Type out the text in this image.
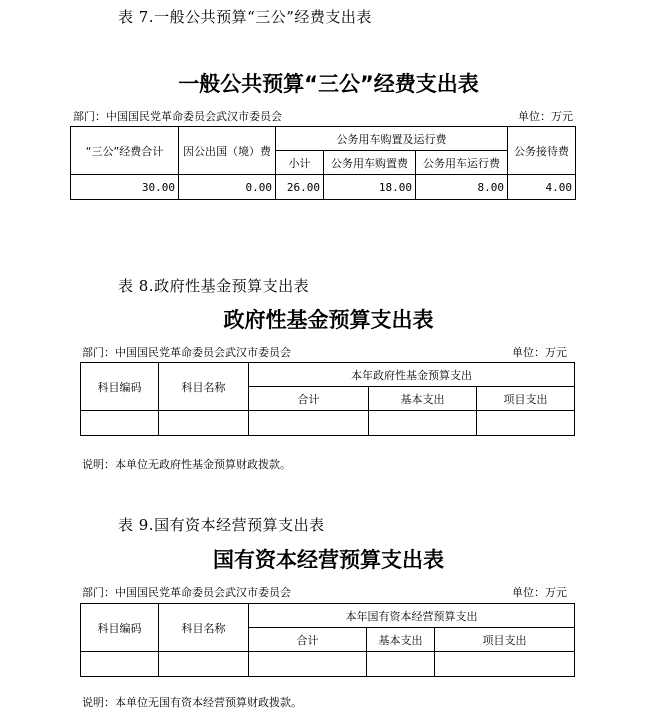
表 7.一般公共预算“三公”经费支出表
一般公共预算“三公”经费支出表
部门：中国国民党革命委员会武汉市委员会	单位：万元
“三公”经费合计	因公出国（境）费	公务用车购置及运行费			公务接待费
		小计	公务用车购置费	公务用车运行费	
30.00	0.00	26.00	18.00	8.00	4.00
表 8.政府性基金预算支出表
政府性基金预算支出表
部门：中国国民党革命委员会武汉市委员会	单位：万元
科目编码	科目名称	本年政府性基金预算支出		
		合计	基本支出	项目支出

说明：本单位无政府性基金预算财政拨款。
表 9.国有资本经营预算支出表
国有资本经营预算支出表
部门：中国国民党革命委员会武汉市委员会	单位：万元
科目编码	科目名称	本年国有资本经营预算支出		
		合计	基本支出	项目支出

说明：本单位无国有资本经营预算财政拨款。
